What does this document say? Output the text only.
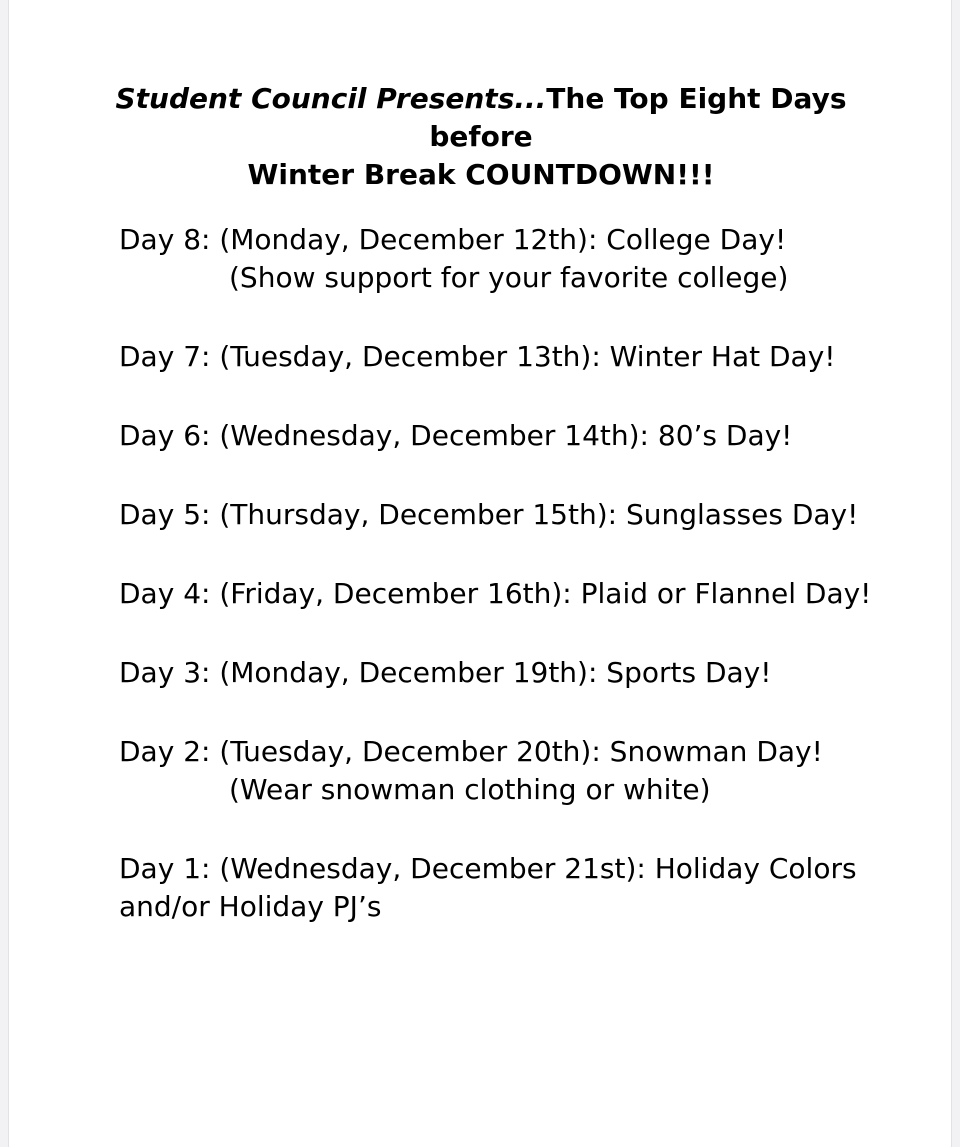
Student Council Presents...The Top Eight Days
before
Winter Break COUNTDOWN!!!

Day 8: (Monday, December 12th): College Day!
(Show support for your favorite college)

Day 7: (Tuesday, December 13th): Winter Hat Day!

Day 6: (Wednesday, December 14th): 80’s Day!

Day 5: (Thursday, December 15th): Sunglasses Day!

Day 4: (Friday, December 16th): Plaid or Flannel Day!

Day 3: (Monday, December 19th): Sports Day!

Day 2: (Tuesday, December 20th): Snowman Day!
(Wear snowman clothing or white)

Day 1: (Wednesday, December 21st): Holiday Colors and/or Holiday PJ’s
